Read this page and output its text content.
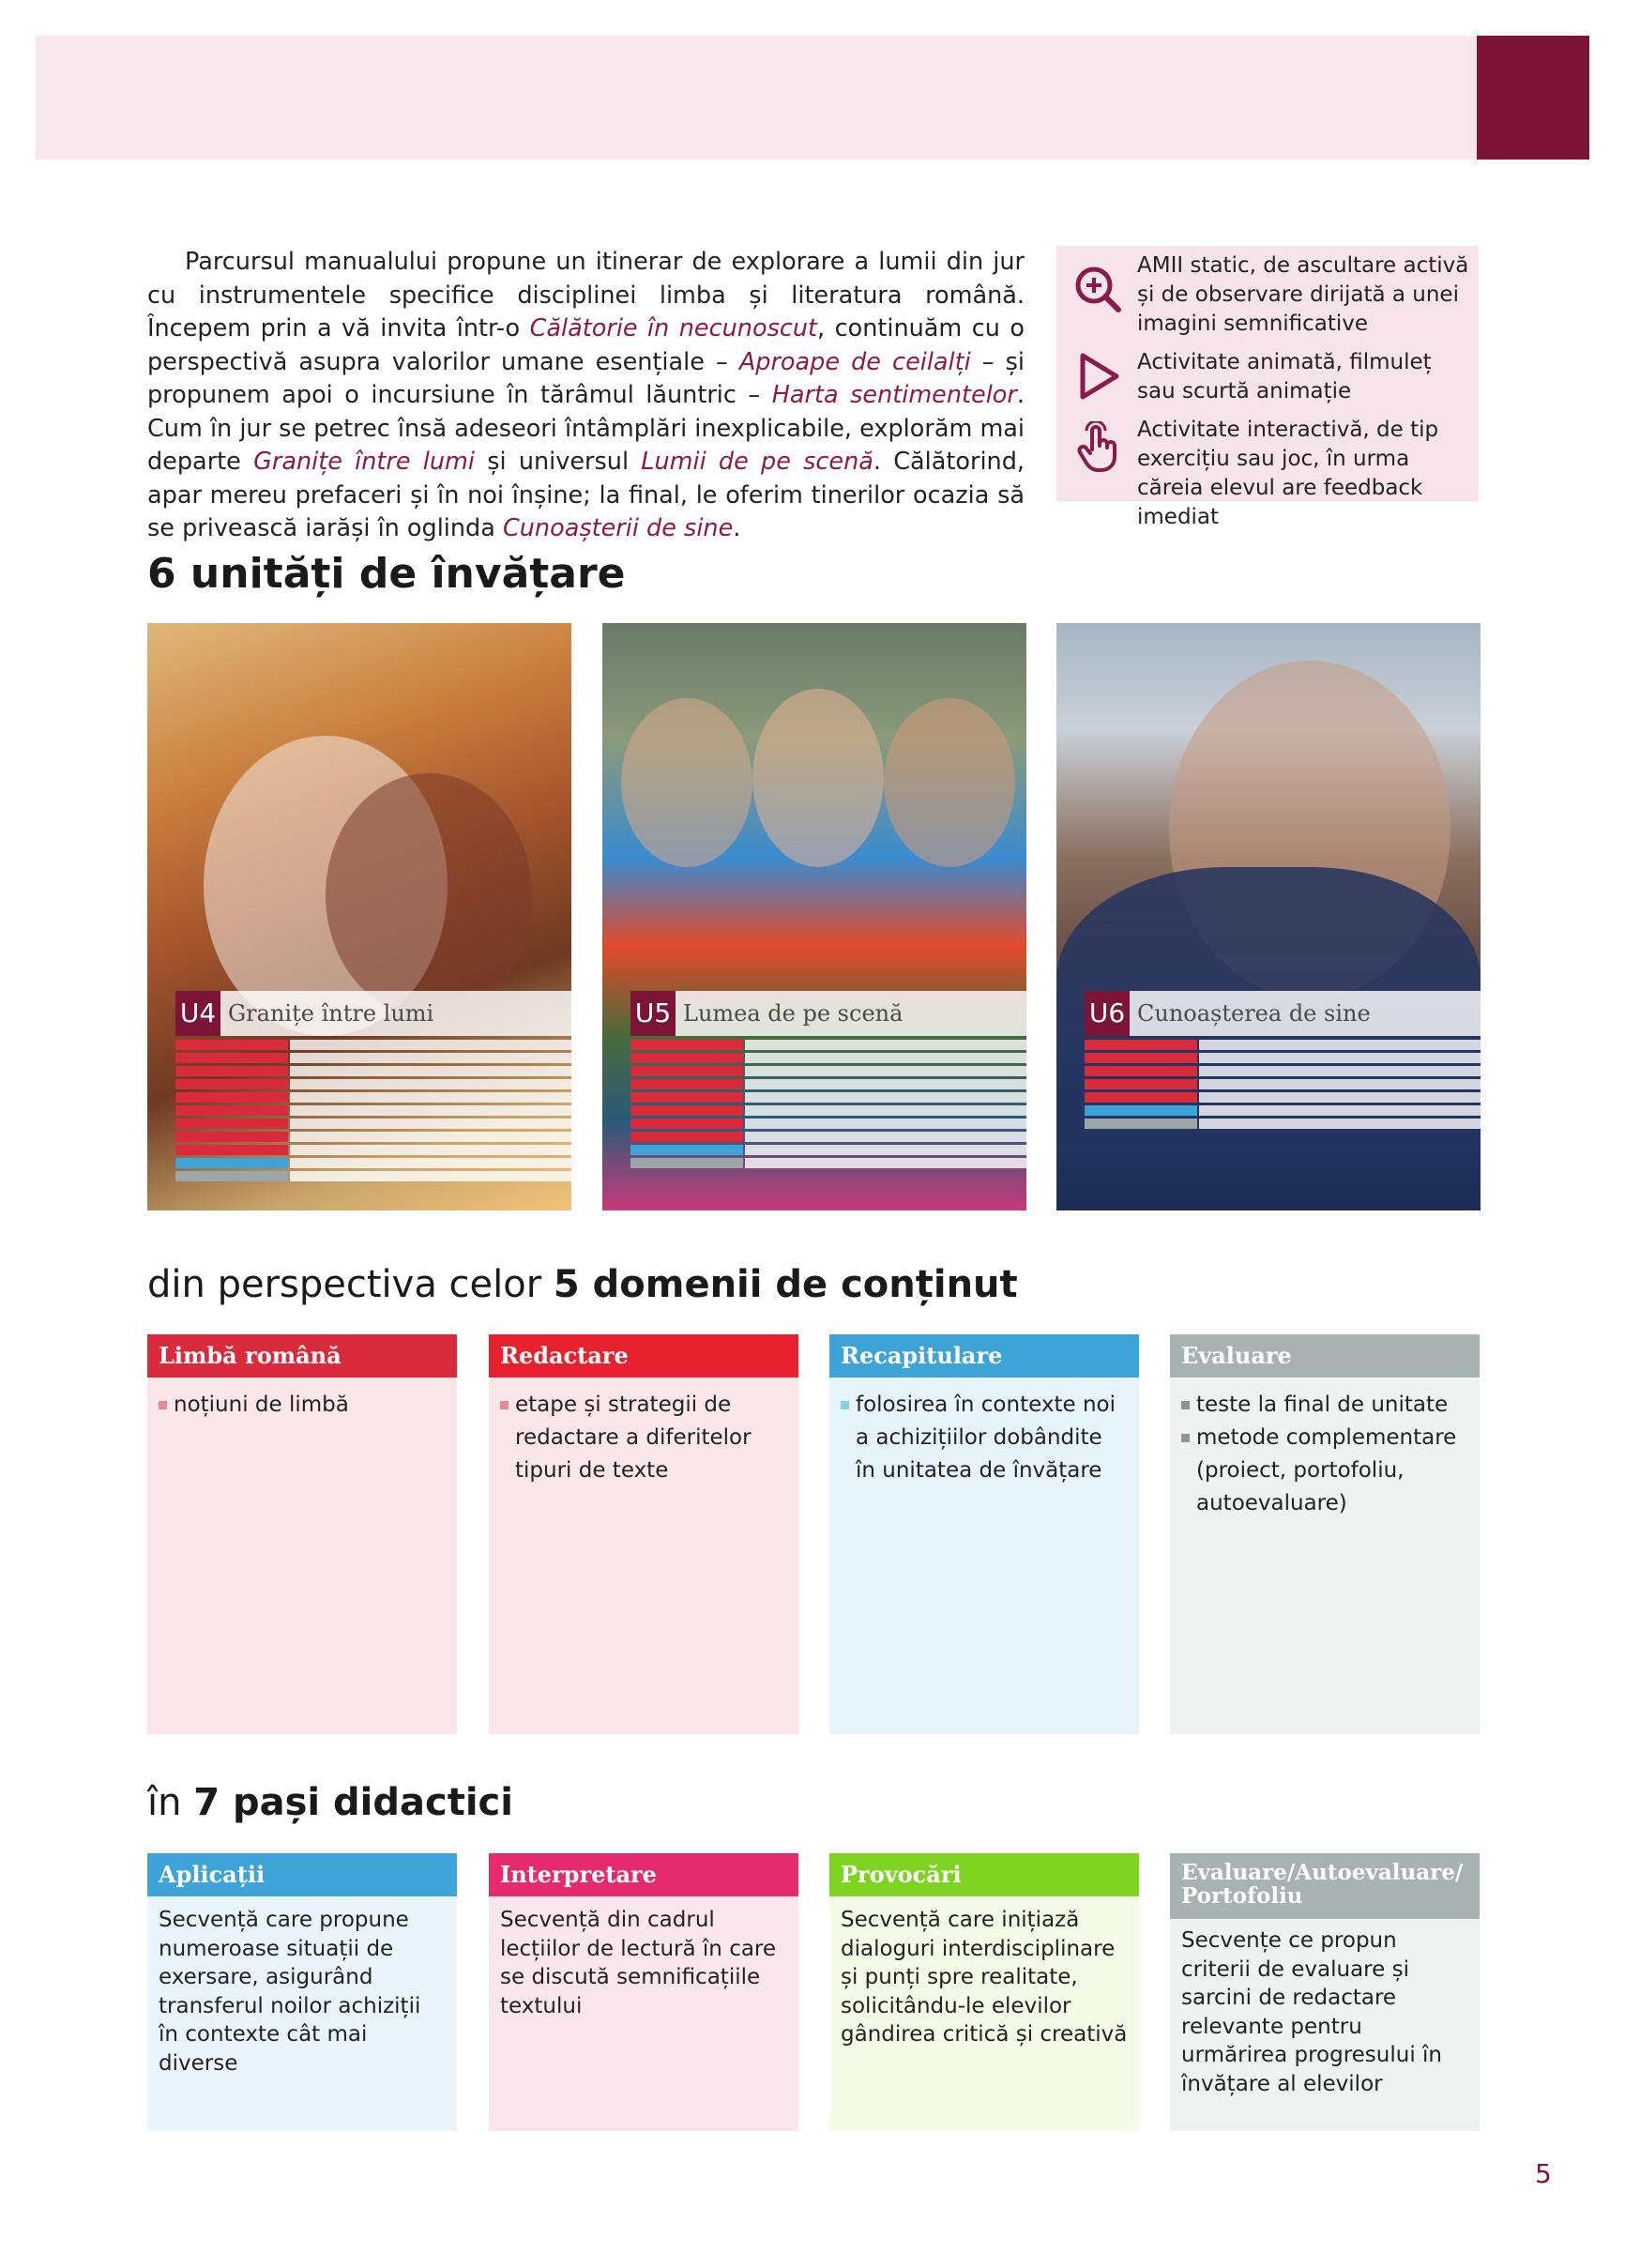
Parcursul manualului propune un itinerar de explorare a lumii din jur cu instrumentele specifice disciplinei limba și literatura română. Începem prin a vă invita într-o Călătorie în necunoscut, continuăm cu o perspectivă asupra valorilor umane esențiale – Aproape de ceilalți – și propunem apoi o incursiune în tărâmul lăuntric – Harta sentimentelor. Cum în jur se petrec însă adeseori întâmplări inexplicabile, explorăm mai departe Granițe între lumi și universul Lumii de pe scenă. Călătorind, apar mereu prefaceri și în noi înșine; la final, le oferim tinerilor ocazia să se privească iarăși în oglinda Cunoașterii de sine.

AMII static, de ascultare activă și de observare dirijată a unei imagini semnificative
Activitate animată, filmuleț sau scurtă animație
Activitate interactivă, de tip exercițiu sau joc, în urma căreia elevul are feedback imediat
6 unități de învățare
U4 Granițe între lumi	U5 Lumea de pe scenă	U6 Cunoașterea de sine
din perspectiva celor 5 domenii de conținut
Limbă română
noțiuni de limbă
Redactare
etape și strategii de redactare a diferitelor tipuri de texte
Recapitulare
folosirea în contexte noi a achizițiilor dobândite în unitatea de învățare
Evaluare
teste la final de unitate
metode complementare (proiect, portofoliu, autoevaluare)
în 7 pași didactici
Aplicații
Secvență care propune numeroase situații de exersare, asigurând transferul noilor achiziții în contexte cât mai diverse
Interpretare
Secvență din cadrul lecțiilor de lectură în care se discută semnificațiile textului
Provocări
Secvență care inițiază dialoguri interdisciplinare și punți spre realitate, solicitându-le elevilor gândirea critică și creativă
Evaluare/Autoevaluare/ Portofoliu
Secvențe ce propun criterii de evaluare și sarcini de redactare relevante pentru urmărirea progresului în învățare al elevilor
5
